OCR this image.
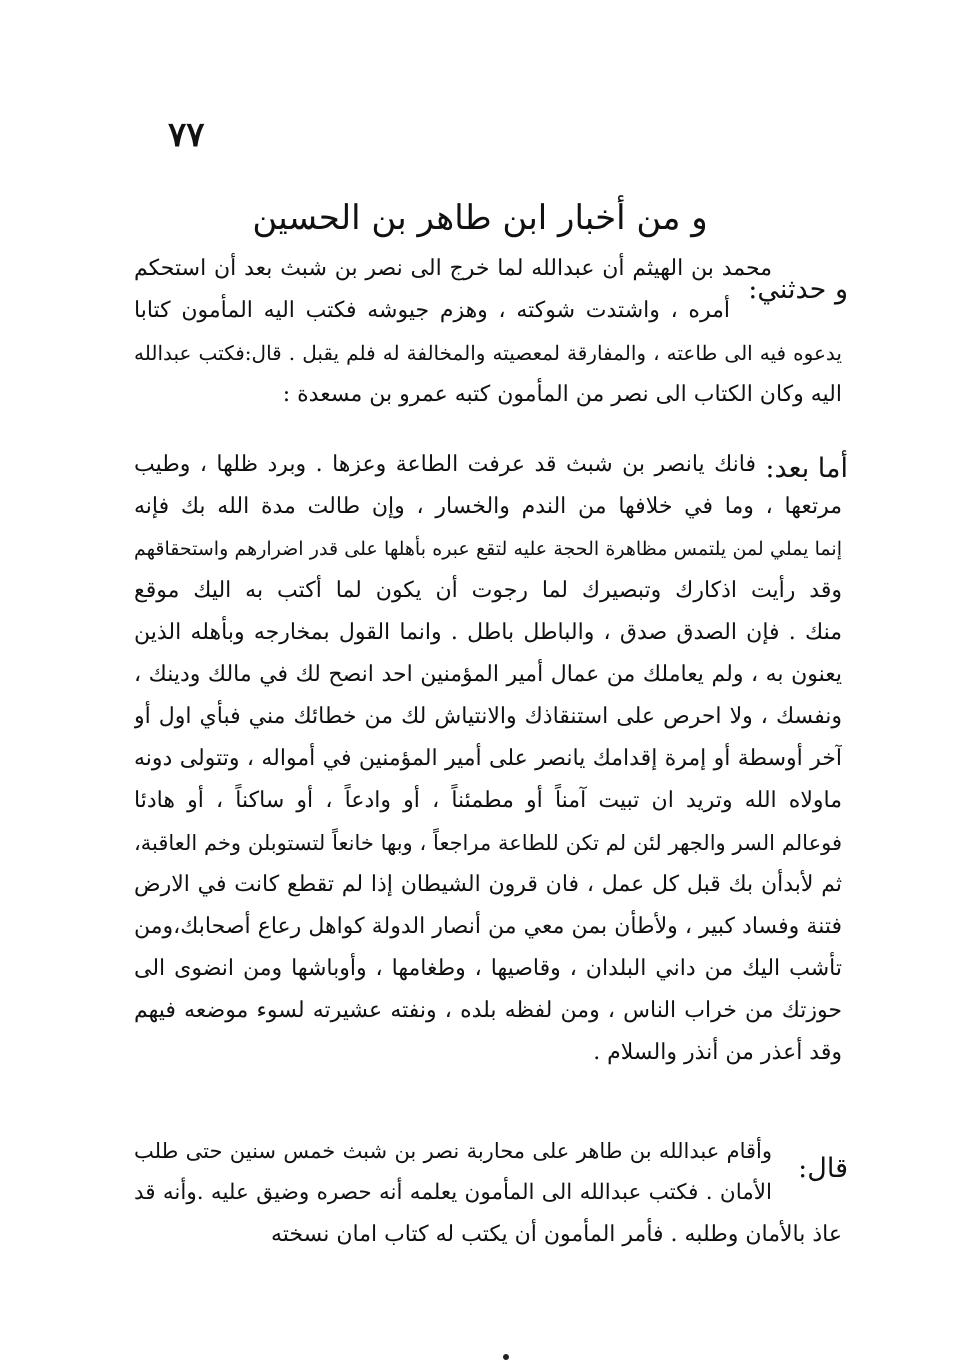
٧٧
و من أخبار ابن طاهر بن الحسين
و حدثني:
محمد بن الهيثم أن عبدالله لما خرج الى نصر بن شبث بعد أن استحكم
أمره ، واشتدت شوكته ، وهزم جيوشه فكتب اليه المأمون كتابا
يدعوه فيه الى طاعته ، والمفارقة لمعصيته والمخالفة له فلم يقبل . قال:فكتب عبدالله
اليه وكان الكتاب الى نصر من المأمون كتبه عمرو بن مسعدة :
أما بعد:
فانك يانصر بن شبث قد عرفت الطاعة وعزها . وبرد ظلها ، وطيب
مرتعها ، وما في خلافها من الندم والخسار ، وإن طالت مدة الله بك فإنه
إنما يملي لمن يلتمس مظاهرة الحجة عليه لتقع عبره بأهلها على قدر اضرارهم واستحقاقهم
وقد رأيت اذكارك وتبصيرك لما رجوت أن يكون لما أكتب به اليك موقع
منك . فإن الصدق صدق ، والباطل باطل . وانما القول بمخارجه وبأهله الذين
يعنون به ، ولم يعاملك من عمال أمير المؤمنين احد انصح لك في مالك ودينك ،
ونفسك ، ولا احرص على استنقاذك والانتياش لك من خطائك مني فبأي اول أو
آخر أوسطة أو إمرة إقدامك يانصر على أمير المؤمنين في أمواله ، وتتولى دونه
ماولاه الله وتريد ان تبيت آمناً أو مطمئناً ، أو وادعاً ، أو ساكناً ، أو هادئا
فوعالم السر والجهر لئن لم تكن للطاعة مراجعاً ، وبها خانعاً لتستوبلن وخم العاقبة،
ثم لأبدأن بك قبل كل عمل ، فان قرون الشيطان إذا لم تقطع كانت في الارض
فتنة وفساد كبير ، ولأطأن بمن معي من أنصار الدولة كواهل رعاع أصحابك،ومن
تأشب اليك من داني البلدان ، وقاصيها ، وطغامها ، وأوباشها ومن انضوى الى
حوزتك من خراب الناس ، ومن لفظه بلده ، ونفته عشيرته لسوء موضعه فيهم
وقد أعذر من أنذر والسلام .
قال:
وأقام عبدالله بن طاهر على محاربة نصر بن شبث خمس سنين حتى طلب
الأمان . فكتب عبدالله الى المأمون يعلمه أنه حصره وضيق عليه .وأنه قد
عاذ بالأمان وطلبه . فأمر المأمون أن يكتب له كتاب امان نسخته
